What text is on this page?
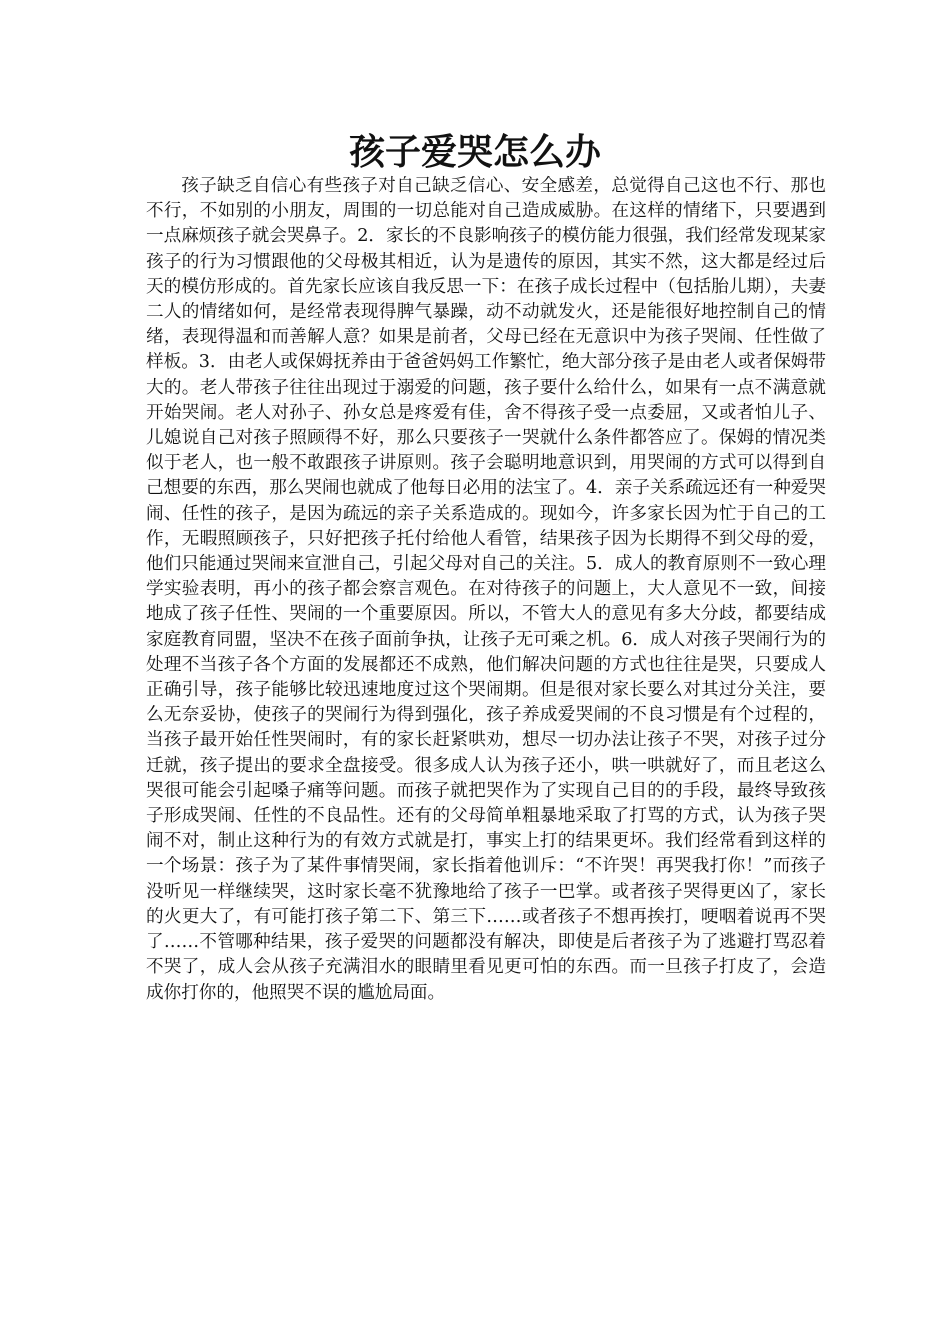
孩子爱哭怎么办

孩子缺乏自信心有些孩子对自己缺乏信心、安全感差，总觉得自己这也不行、那也不行，不如别的小朋友，周围的一切总能对自己造成威胁。在这样的情绪下，只要遇到一点麻烦孩子就会哭鼻子。2．家长的不良影响孩子的模仿能力很强，我们经常发现某家孩子的行为习惯跟他的父母极其相近，认为是遗传的原因，其实不然，这大都是经过后天的模仿形成的。首先家长应该自我反思一下：在孩子成长过程中（包括胎儿期），夫妻二人的情绪如何，是经常表现得脾气暴躁，动不动就发火，还是能很好地控制自己的情绪，表现得温和而善解人意？如果是前者，父母已经在无意识中为孩子哭闹、任性做了样板。3．由老人或保姆抚养由于爸爸妈妈工作繁忙，绝大部分孩子是由老人或者保姆带大的。老人带孩子往往出现过于溺爱的问题，孩子要什么给什么，如果有一点不满意就开始哭闹。老人对孙子、孙女总是疼爱有佳，舍不得孩子受一点委屈，又或者怕儿子、儿媳说自己对孩子照顾得不好，那么只要孩子一哭就什么条件都答应了。保姆的情况类似于老人，也一般不敢跟孩子讲原则。孩子会聪明地意识到，用哭闹的方式可以得到自己想要的东西，那么哭闹也就成了他每日必用的法宝了。4．亲子关系疏远还有一种爱哭闹、任性的孩子，是因为疏远的亲子关系造成的。现如今，许多家长因为忙于自己的工作，无暇照顾孩子，只好把孩子托付给他人看管，结果孩子因为长期得不到父母的爱，他们只能通过哭闹来宣泄自己，引起父母对自己的关注。5．成人的教育原则不一致心理学实验表明，再小的孩子都会察言观色。在对待孩子的问题上，大人意见不一致，间接地成了孩子任性、哭闹的一个重要原因。所以，不管大人的意见有多大分歧，都要结成家庭教育同盟，坚决不在孩子面前争执，让孩子无可乘之机。6．成人对孩子哭闹行为的处理不当孩子各个方面的发展都还不成熟，他们解决问题的方式也往往是哭，只要成人正确引导，孩子能够比较迅速地度过这个哭闹期。但是很对家长要么对其过分关注，要么无奈妥协，使孩子的哭闹行为得到强化，孩子养成爱哭闹的不良习惯是有个过程的，当孩子最开始任性哭闹时，有的家长赶紧哄劝，想尽一切办法让孩子不哭，对孩子过分迁就，孩子提出的要求全盘接受。很多成人认为孩子还小，哄一哄就好了，而且老这么哭很可能会引起嗓子痛等问题。而孩子就把哭作为了实现自己目的的手段，最终导致孩子形成哭闹、任性的不良品性。还有的父母简单粗暴地采取了打骂的方式，认为孩子哭闹不对，制止这种行为的有效方式就是打，事实上打的结果更坏。我们经常看到这样的一个场景：孩子为了某件事情哭闹，家长指着他训斥：“不许哭！再哭我打你！”而孩子没听见一样继续哭，这时家长毫不犹豫地给了孩子一巴掌。或者孩子哭得更凶了，家长的火更大了，有可能打孩子第二下、第三下……或者孩子不想再挨打，哽咽着说再不哭了……不管哪种结果，孩子爱哭的问题都没有解决，即使是后者孩子为了逃避打骂忍着不哭了，成人会从孩子充满泪水的眼睛里看见更可怕的东西。而一旦孩子打皮了，会造成你打你的，他照哭不误的尴尬局面。
